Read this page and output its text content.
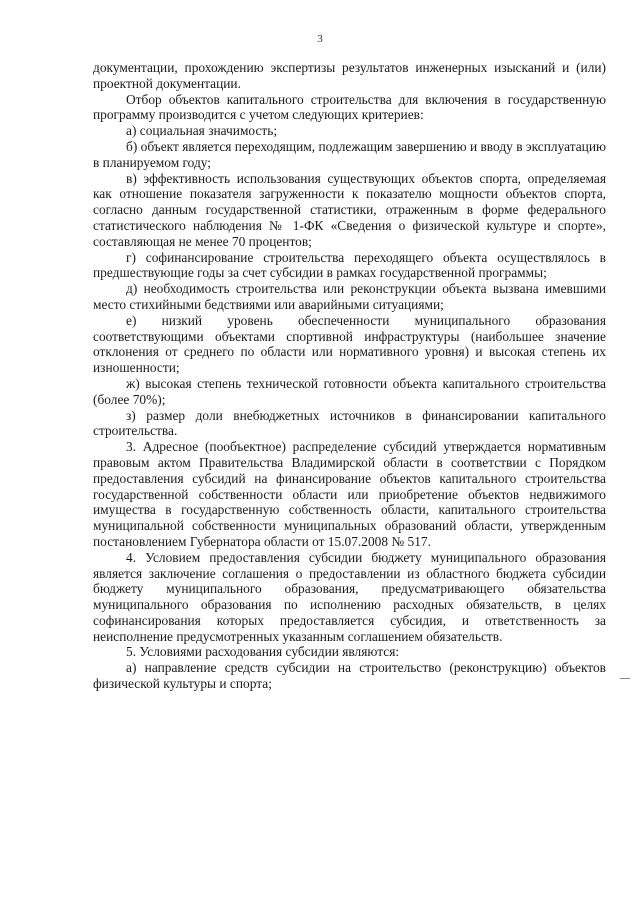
3

документации, прохождению экспертизы результатов инженерных изысканий и (или) проектной документации.

Отбор объектов капитального строительства для включения в государственную программу производится с учетом следующих критериев:

а) социальная значимость;

б) объект является переходящим, подлежащим завершению и вводу в эксплуатацию в планируемом году;

в) эффективность использования существующих объектов спорта, определяемая как отношение показателя загруженности к показателю мощности объектов спорта, согласно данным государственной статистики, отраженным в форме федерального статистического наблюдения № 1-ФК «Сведения о физической культуре и спорте», составляющая не менее 70 процентов;

г) софинансирование строительства переходящего объекта осуществлялось в предшествующие годы за счет субсидии в рамках государственной программы;

д) необходимость строительства или реконструкции объекта вызвана имевшими место стихийными бедствиями или аварийными ситуациями;

е) низкий уровень обеспеченности муниципального образования соответствующими объектами спортивной инфраструктуры (наибольшее значение отклонения от среднего по области или нормативного уровня) и высокая степень их изношенности;

ж) высокая степень технической готовности объекта капитального строительства (более 70%);

з) размер доли внебюджетных источников в финансировании капитального строительства.

3. Адресное (пообъектное) распределение субсидий утверждается нормативным правовым актом Правительства Владимирской области в соответствии с Порядком предоставления субсидий на финансирование объектов капитального строительства государственной собственности области или приобретение объектов недвижимого имущества в государственную собственность области, капитального строительства муниципальной собственности муниципальных образований области, утвержденным постановлением Губернатора области от 15.07.2008 № 517.

4. Условием предоставления субсидии бюджету муниципального образования является заключение соглашения о предоставлении из областного бюджета субсидии бюджету муниципального образования, предусматривающего обязательства муниципального образования по исполнению расходных обязательств, в целях софинансирования которых предоставляется субсидия, и ответственность за неисполнение предусмотренных указанным соглашением обязательств.

5. Условиями расходования субсидии являются:

а) направление средств субсидии на строительство (реконструкцию) объектов физической культуры и спорта;
